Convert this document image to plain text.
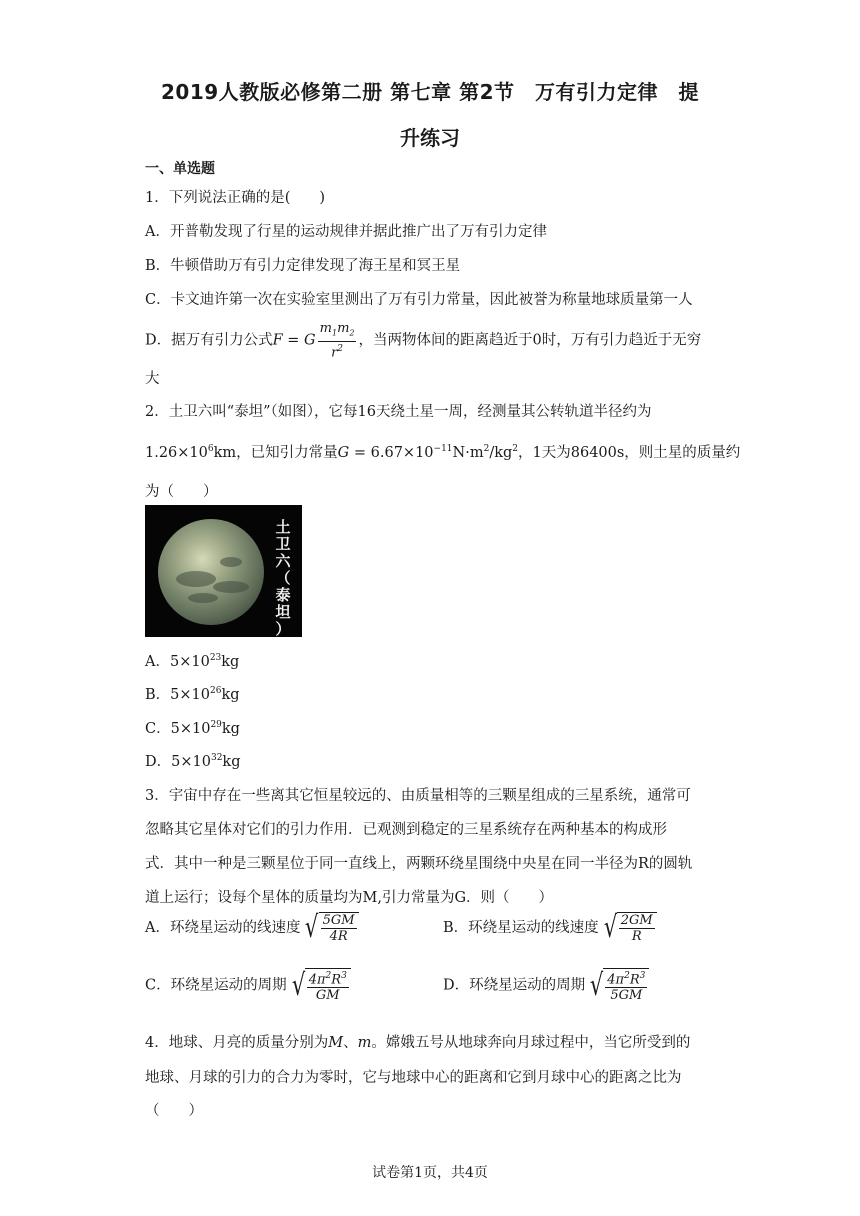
2019人教版必修第二册 第七章 第2节　万有引力定律　提
升练习
一、单选题
1．下列说法正确的是(　　)
A．开普勒发现了行星的运动规律并据此推广出了万有引力定律
B．牛顿借助万有引力定律发现了海王星和冥王星
C．卡文迪许第一次在实验室里测出了万有引力常量，因此被誉为称量地球质量第一人
D．据万有引力公式F = G $\frac{m_1m_2}{r^2}$ ，当两物体间的距离趋近于0时，万有引力趋近于无穷
大
2．土卫六叫“泰坦”（如图），它每16天绕土星一周，经测量其公转轨道半径约为
$1.26\times 10^6km$，已知引力常量$G = 6.67\times 10^{-11}N\cdot m^2/kg^2$，1天为86400s，则土星的质量约
为（　　）
土
卫
六
（
泰
坦
）
A．$5\times 10^{23}kg$
B．$5\times 10^{26}kg$
C．$5\times 10^{29}kg$
D．$5\times 10^{32}kg$
3．宇宙中存在一些离其它恒星较远的、由质量相等的三颗星组成的三星系统，通常可
忽略其它星体对它们的引力作用．已观测到稳定的三星系统存在两种基本的构成形
式．其中一种是三颗星位于同一直线上，两颗环绕星围绕中央星在同一半径为R的圆轨
道上运行；设每个星体的质量均为M,引力常量为G．则（　　）
A．环绕星运动的线速度 √ $\frac{5GM}{4R}$	B．环绕星运动的线速度 √ $\frac{2GM}{R}$
C．环绕星运动的周期 √ $\frac{4\pi^2R^3}{GM}$	D．环绕星运动的周期 √ $\frac{4\pi^2R^3}{5GM}$
4．地球、月亮的质量分别为M、m。嫦娥五号从地球奔向月球过程中，当它所受到的
地球、月球的引力的合力为零时，它与地球中心的距离和它到月球中心的距离之比为
（　　）
试卷第1页，共4页
